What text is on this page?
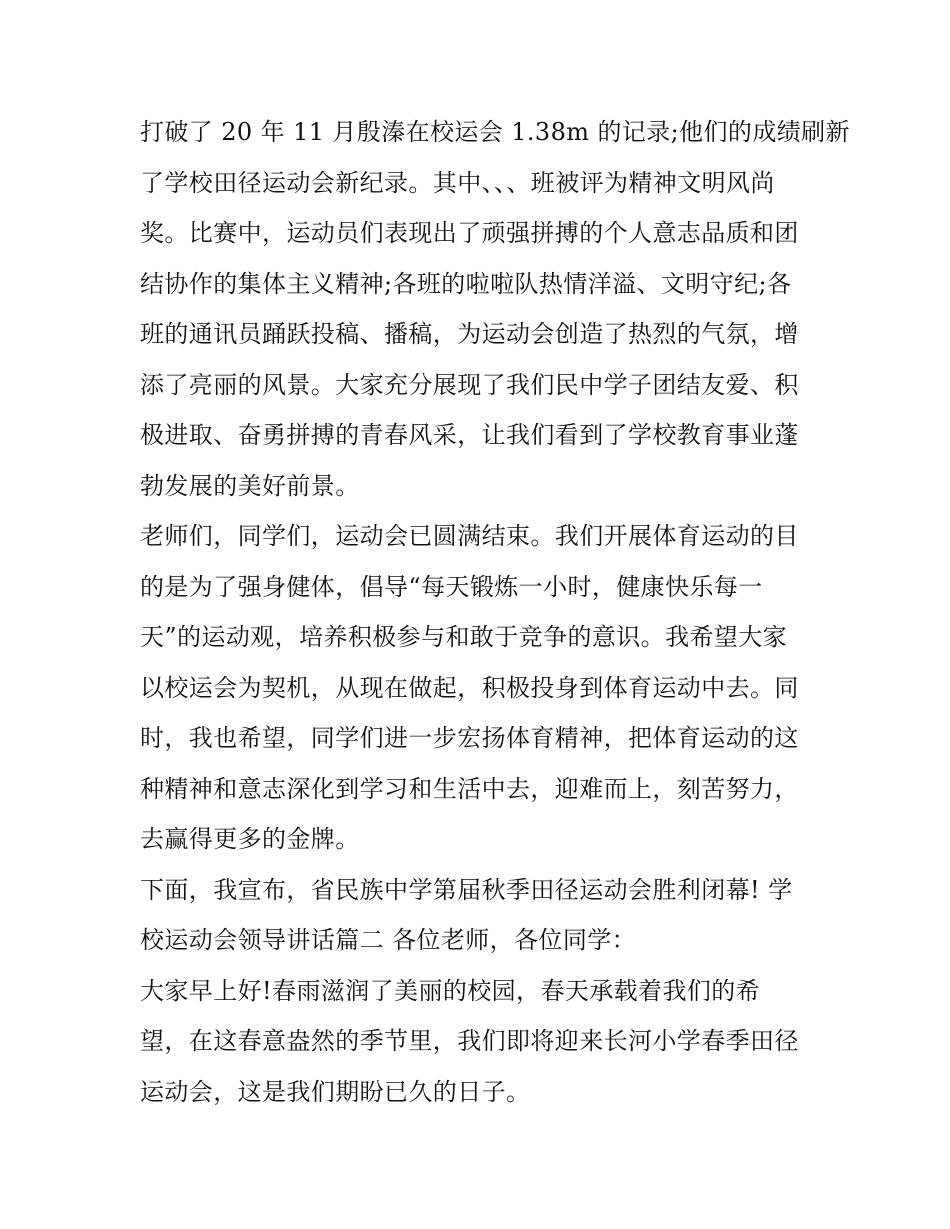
打破了 20 年 11 月殷溱在校运会 1.38m 的记录;他们的成绩刷新
了学校田径运动会新纪录。其中、、、班被评为精神文明风尚
奖。比赛中，运动员们表现出了顽强拼搏的个人意志品质和团
结协作的集体主义精神;各班的啦啦队热情洋溢、文明守纪;各
班的通讯员踊跃投稿、播稿，为运动会创造了热烈的气氛，增
添了亮丽的风景。大家充分展现了我们民中学子团结友爱、积
极进取、奋勇拼搏的青春风采，让我们看到了学校教育事业蓬
勃发展的美好前景。
老师们，同学们，运动会已圆满结束。我们开展体育运动的目
的是为了强身健体，倡导“每天锻炼一小时，健康快乐每一
天”的运动观，培养积极参与和敢于竞争的意识。我希望大家
以校运会为契机，从现在做起，积极投身到体育运动中去。同
时，我也希望，同学们进一步宏扬体育精神，把体育运动的这
种精神和意志深化到学习和生活中去，迎难而上，刻苦努力，
去赢得更多的金牌。
下面，我宣布，省民族中学第届秋季田径运动会胜利闭幕! 学
校运动会领导讲话篇二 各位老师，各位同学：
大家早上好!春雨滋润了美丽的校园，春天承载着我们的希
望，在这春意盎然的季节里，我们即将迎来长河小学春季田径
运动会，这是我们期盼已久的日子。
